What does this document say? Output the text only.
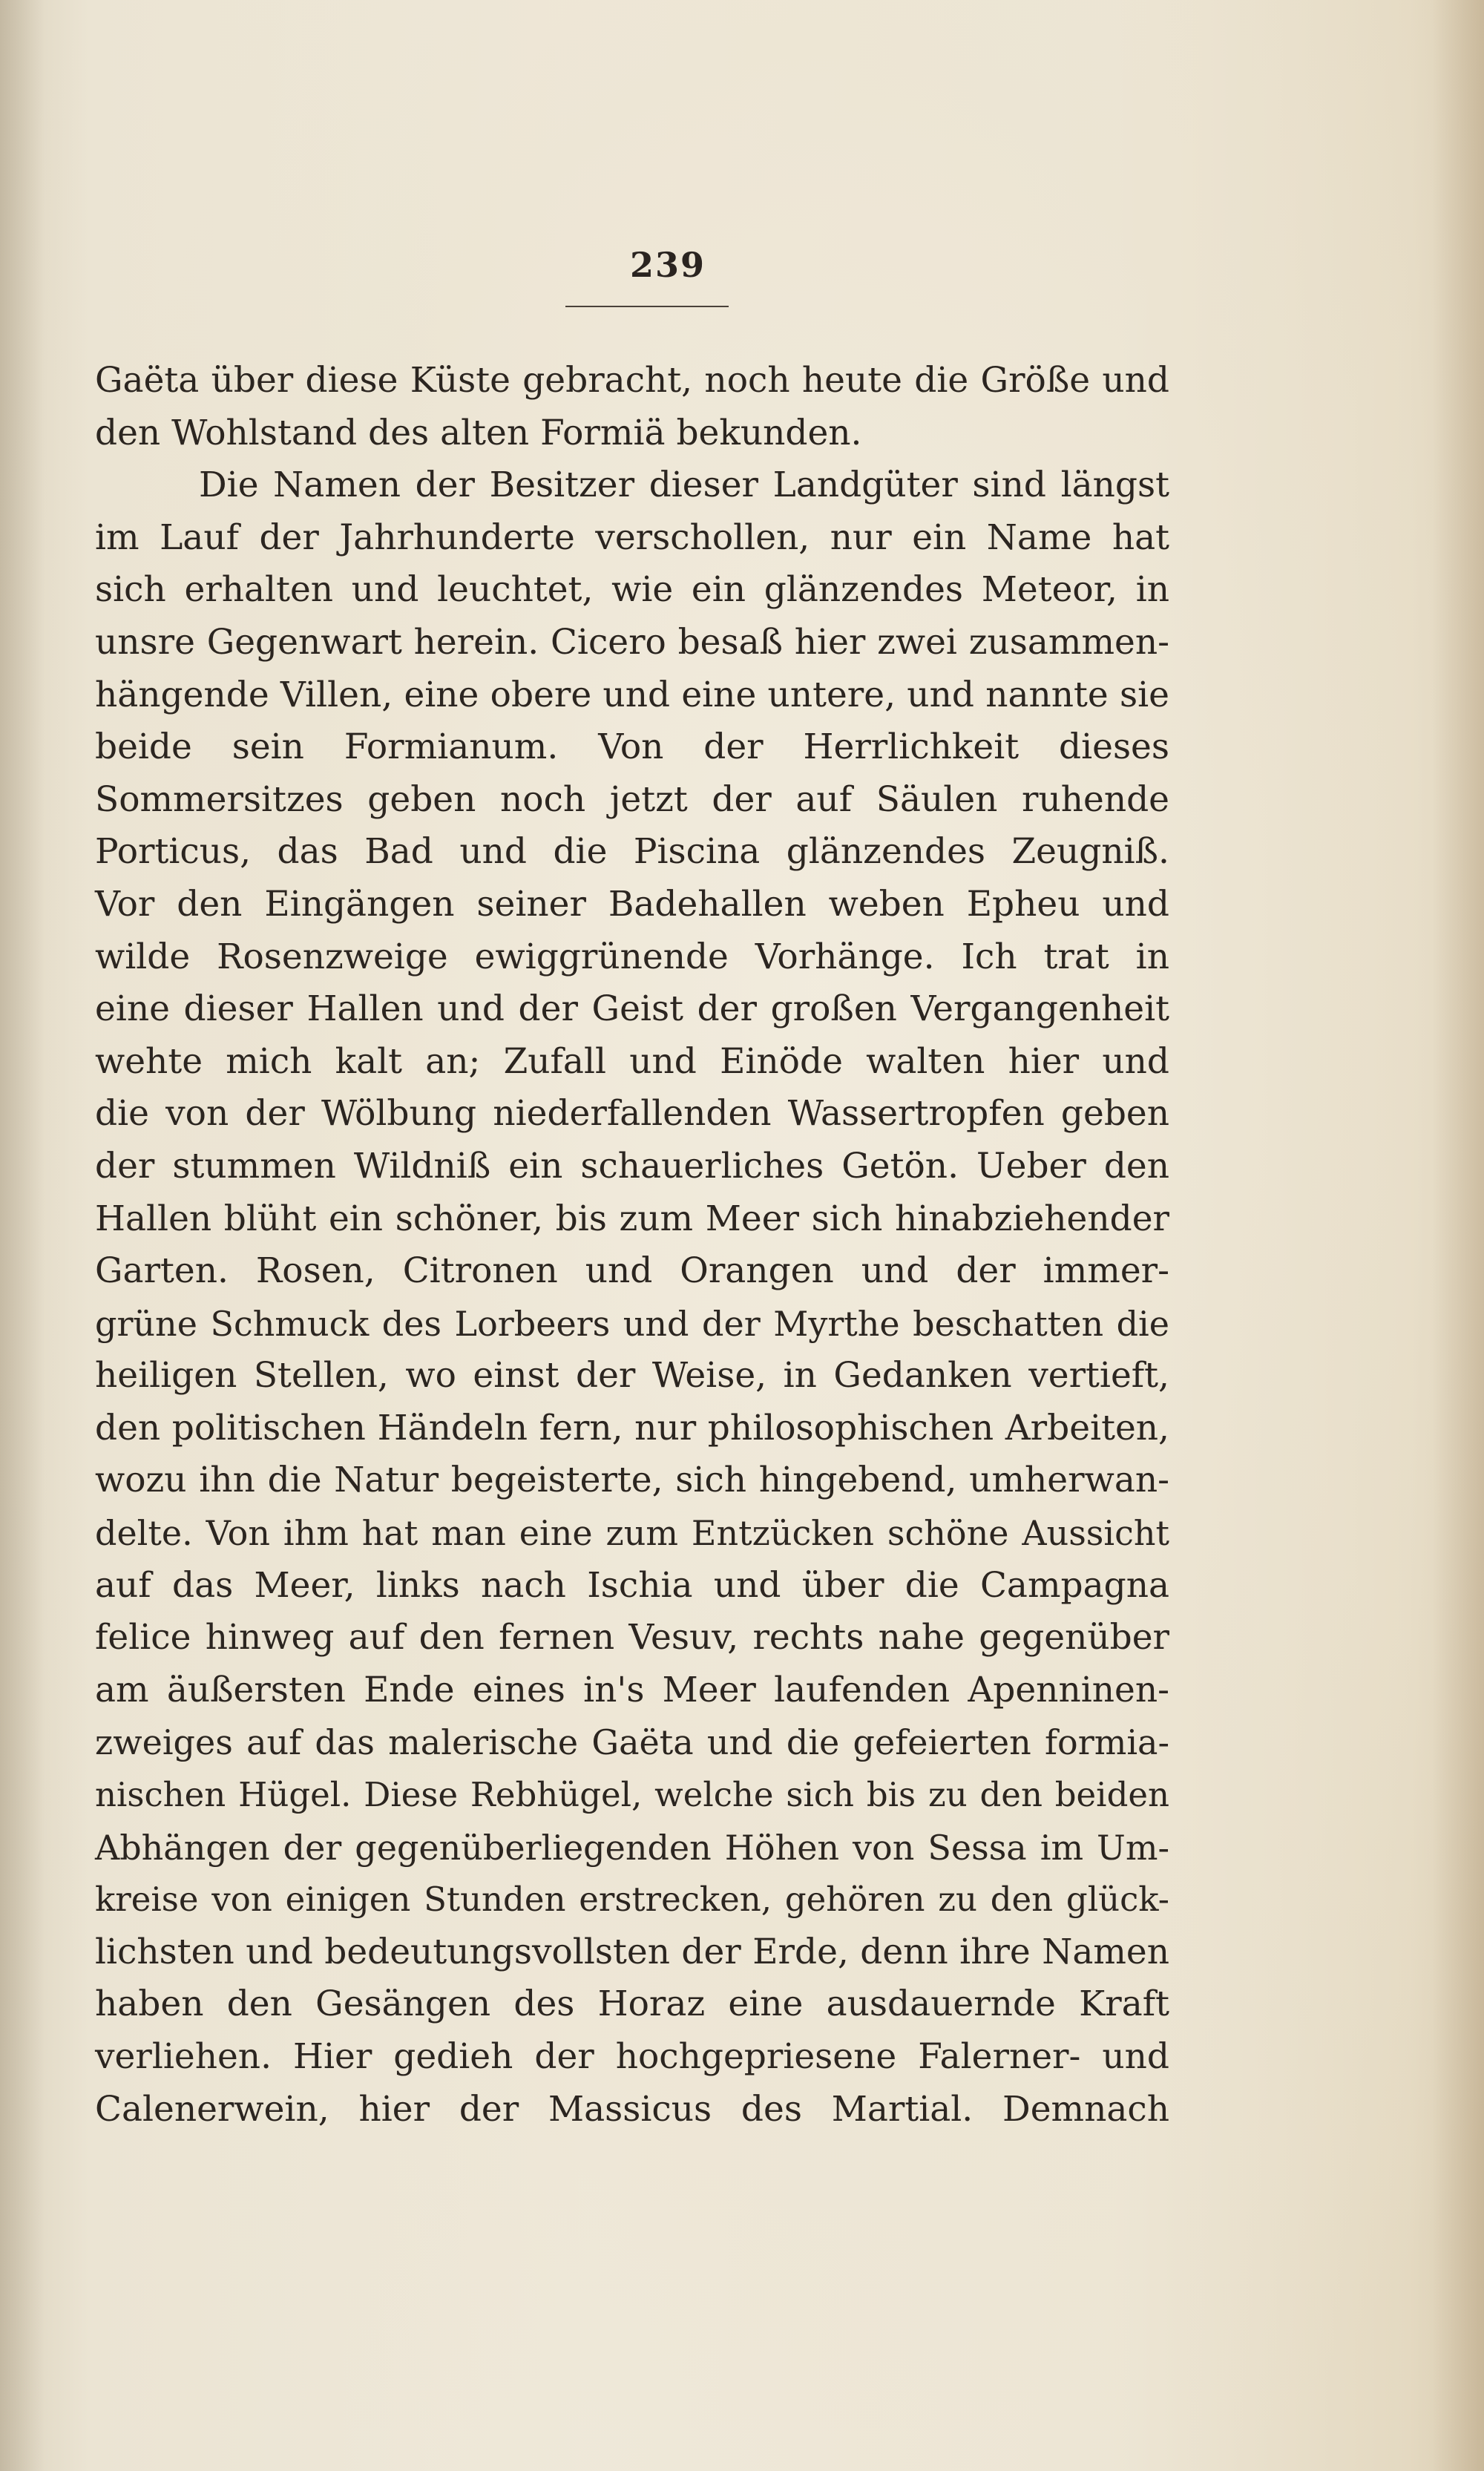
239
Gaëta über diese Küste gebracht, noch heute die Größe und
den Wohlstand des alten Formiä bekunden.
Die Namen der Besitzer dieser Landgüter sind längst
im Lauf der Jahrhunderte verschollen, nur ein Name hat
sich erhalten und leuchtet, wie ein glänzendes Meteor, in
unsre Gegenwart herein. Cicero besaß hier zwei zusammen-
hängende Villen, eine obere und eine untere, und nannte sie
beide sein Formianum. Von der Herrlichkeit dieses
Sommersitzes geben noch jetzt der auf Säulen ruhende
Porticus, das Bad und die Piscina glänzendes Zeugniß.
Vor den Eingängen seiner Badehallen weben Epheu und
wilde Rosenzweige ewiggrünende Vorhänge. Ich trat in
eine dieser Hallen und der Geist der großen Vergangenheit
wehte mich kalt an; Zufall und Einöde walten hier und
die von der Wölbung niederfallenden Wassertropfen geben
der stummen Wildniß ein schauerliches Getön. Ueber den
Hallen blüht ein schöner, bis zum Meer sich hinabziehender
Garten. Rosen, Citronen und Orangen und der immer-
grüne Schmuck des Lorbeers und der Myrthe beschatten die
heiligen Stellen, wo einst der Weise, in Gedanken vertieft,
den politischen Händeln fern, nur philosophischen Arbeiten,
wozu ihn die Natur begeisterte, sich hingebend, umherwan-
delte. Von ihm hat man eine zum Entzücken schöne Aussicht
auf das Meer, links nach Ischia und über die Campagna
felice hinweg auf den fernen Vesuv, rechts nahe gegenüber
am äußersten Ende eines in's Meer laufenden Apenninen-
zweiges auf das malerische Gaëta und die gefeierten formia-
nischen Hügel. Diese Rebhügel, welche sich bis zu den beiden
Abhängen der gegenüberliegenden Höhen von Sessa im Um-
kreise von einigen Stunden erstrecken, gehören zu den glück-
lichsten und bedeutungsvollsten der Erde, denn ihre Namen
haben den Gesängen des Horaz eine ausdauernde Kraft
verliehen. Hier gedieh der hochgepriesene Falerner- und
Calenerwein, hier der Massicus des Martial. Demnach
